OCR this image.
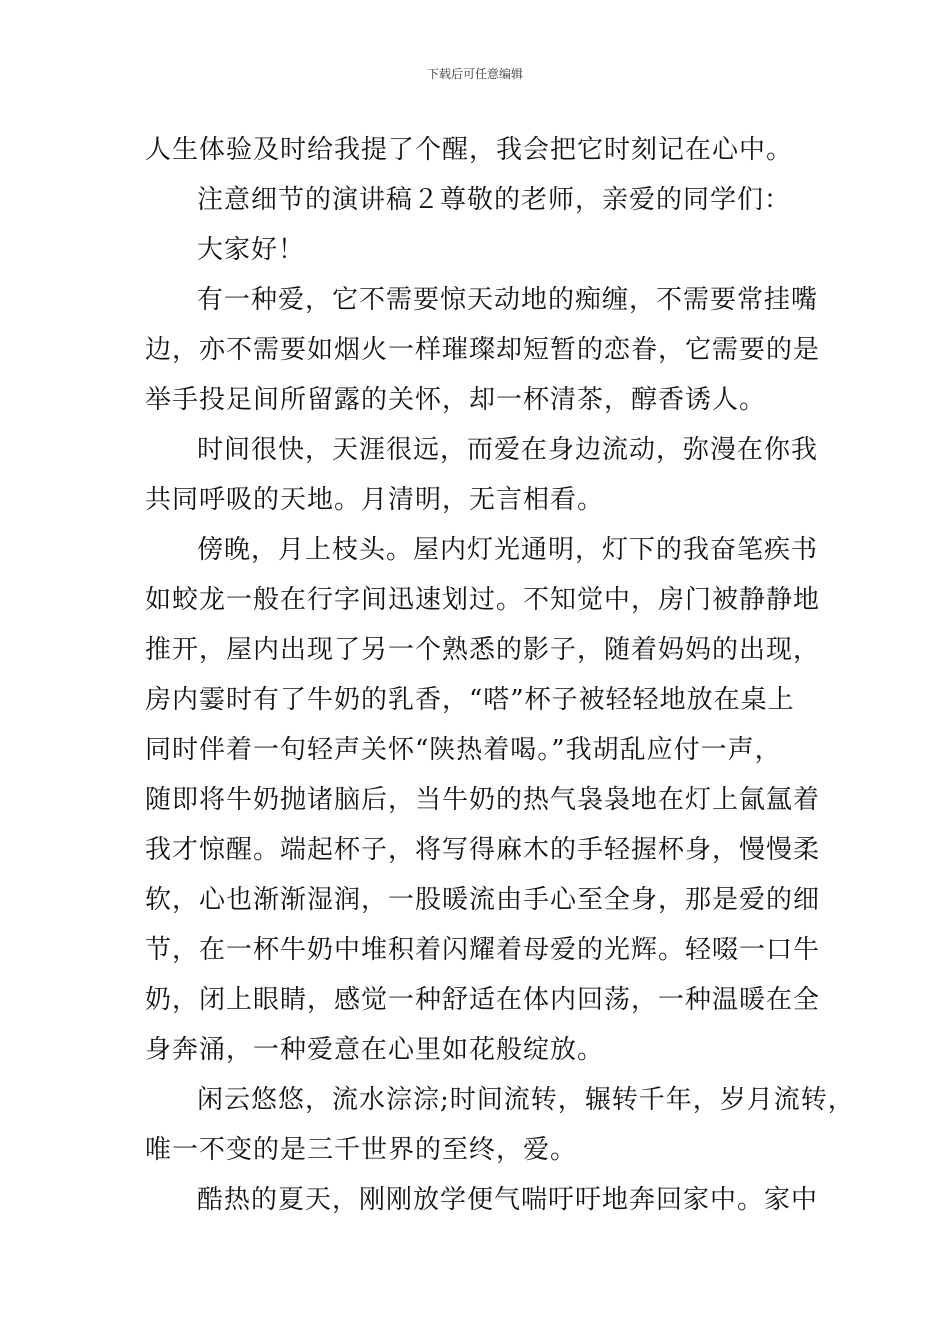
下载后可任意编辑
人生体验及时给我提了个醒，我会把它时刻记在心中。
注意细节的演讲稿２尊敬的老师，亲爱的同学们：
大家好！
有一种爱，它不需要惊天动地的痴缠，不需要常挂嘴
边，亦不需要如烟火一样璀璨却短暂的恋眷，它需要的是
举手投足间所留露的关怀，却一杯清茶，醇香诱人。
时间很快，天涯很远，而爱在身边流动，弥漫在你我
共同呼吸的天地。月清明，无言相看。
傍晚，月上枝头。屋内灯光通明，灯下的我奋笔疾书
如蛟龙一般在行字间迅速划过。不知觉中，房门被静静地
推开，屋内出现了另一个熟悉的影子，随着妈妈的出现，
房内霎时有了牛奶的乳香，“嗒”杯子被轻轻地放在桌上
同时伴着一句轻声关怀“陕热着喝。”我胡乱应付一声，
随即将牛奶抛诸脑后，当牛奶的热气袅袅地在灯上氤氲着
我才惊醒。端起杯子，将写得麻木的手轻握杯身，慢慢柔
软，心也渐渐湿润，一股暖流由手心至全身，那是爱的细
节，在一杯牛奶中堆积着闪耀着母爱的光辉。轻啜一口牛
奶，闭上眼睛，感觉一种舒适在体内回荡，一种温暖在全
身奔涌，一种爱意在心里如花般绽放。
闲云悠悠，流水淙淙;时间流转，辗转千年，岁月流转，
唯一不变的是三千世界的至终，爱。
酷热的夏天，刚刚放学便气喘吁吁地奔回家中。家中
